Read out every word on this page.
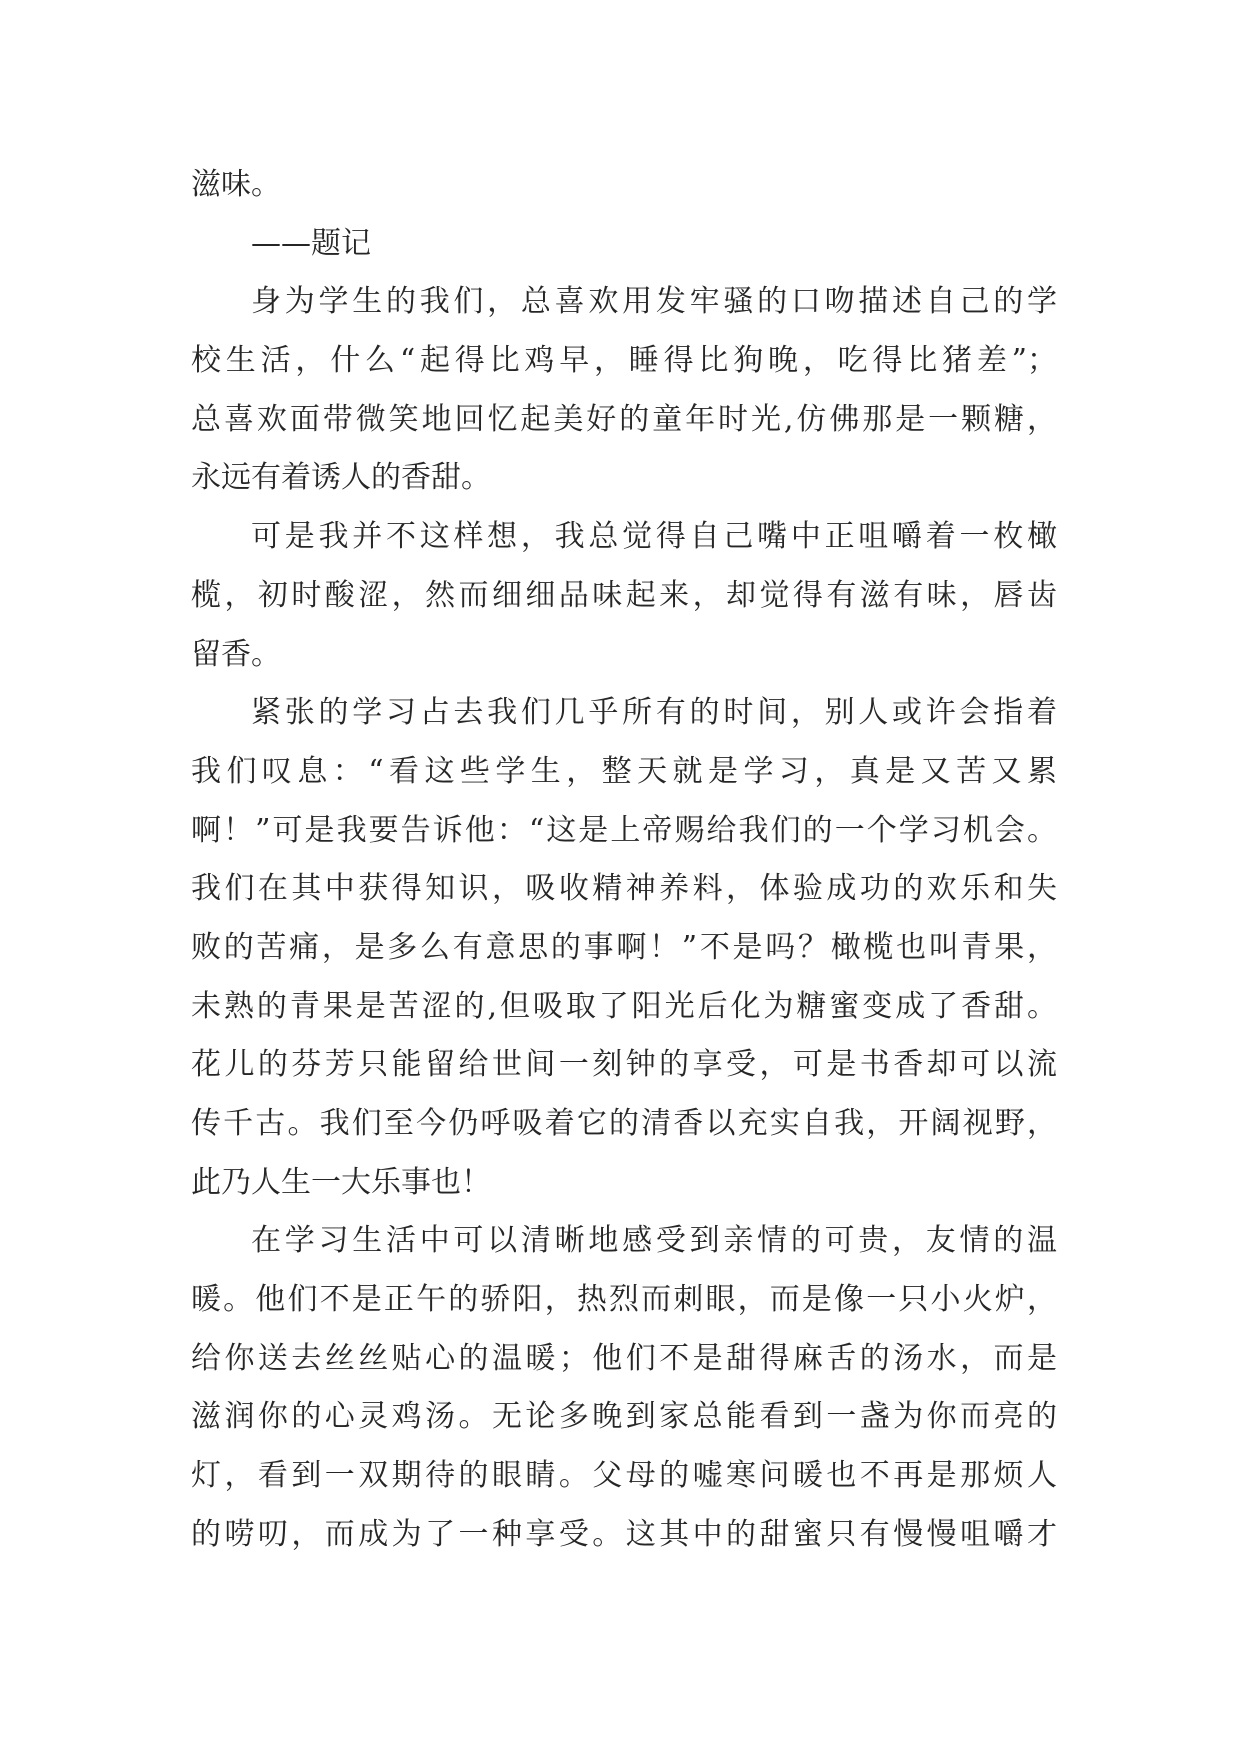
滋味。
——题记
身为学生的我们，总喜欢用发牢骚的口吻描述自己的学
校生活，什么“起得比鸡早，睡得比狗晚，吃得比猪差”；
总喜欢面带微笑地回忆起美好的童年时光,仿佛那是一颗糖，
永远有着诱人的香甜。
可是我并不这样想，我总觉得自己嘴中正咀嚼着一枚橄
榄，初时酸涩，然而细细品味起来，却觉得有滋有味，唇齿
留香。
紧张的学习占去我们几乎所有的时间，别人或许会指着
我们叹息：“看这些学生，整天就是学习，真是又苦又累
啊！”可是我要告诉他：“这是上帝赐给我们的一个学习机会。
我们在其中获得知识，吸收精神养料，体验成功的欢乐和失
败的苦痛，是多么有意思的事啊！”不是吗？橄榄也叫青果，
未熟的青果是苦涩的,但吸取了阳光后化为糖蜜变成了香甜。
花儿的芬芳只能留给世间一刻钟的享受，可是书香却可以流
传千古。我们至今仍呼吸着它的清香以充实自我，开阔视野，
此乃人生一大乐事也！
在学习生活中可以清晰地感受到亲情的可贵，友情的温
暖。他们不是正午的骄阳，热烈而刺眼，而是像一只小火炉，
给你送去丝丝贴心的温暖；他们不是甜得麻舌的汤水，而是
滋润你的心灵鸡汤。无论多晚到家总能看到一盏为你而亮的
灯，看到一双期待的眼睛。父母的嘘寒问暖也不再是那烦人
的唠叨，而成为了一种享受。这其中的甜蜜只有慢慢咀嚼才
